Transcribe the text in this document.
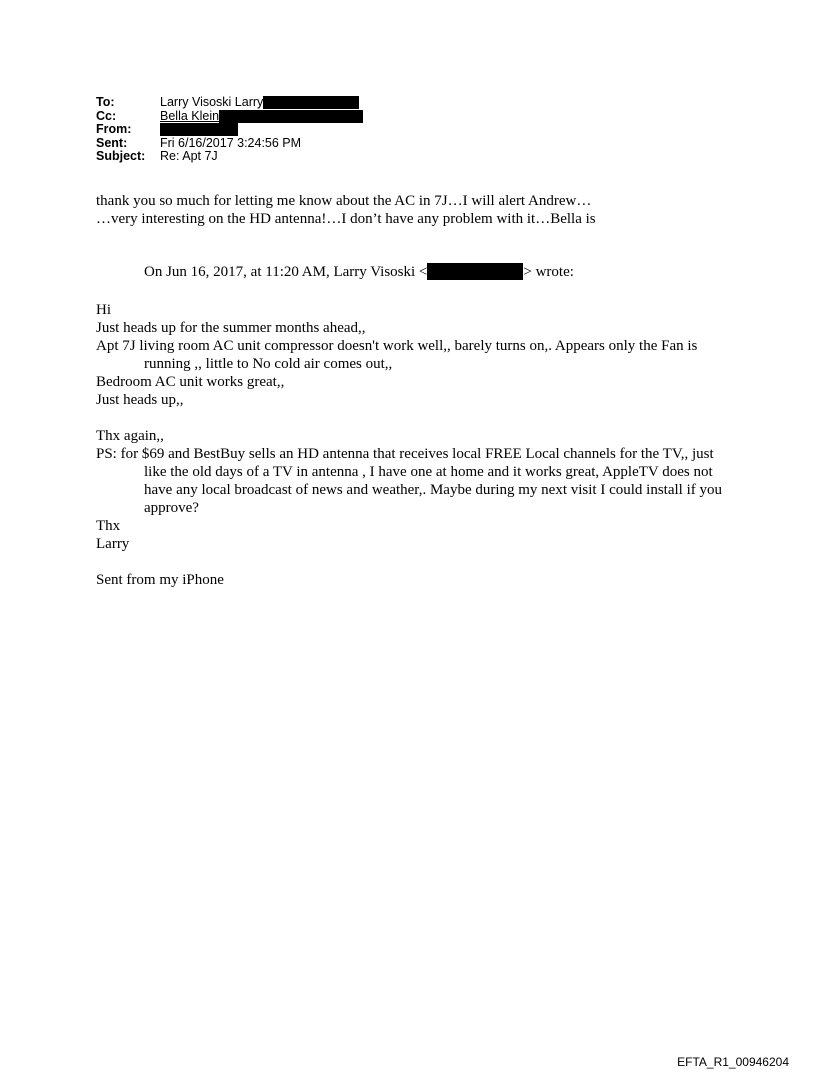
To:	Larry Visoski Larry
Cc:	Bella Klein
From:
Sent:	Fri 6/16/2017 3:24:56 PM
Subject:	Re: Apt 7J

thank you so much for letting me know about the AC in 7J…I will alert Andrew…

…very interesting on the HD antenna!…I don’t have any problem with it…Bella is

On Jun 16, 2017, at 11:20 AM, Larry Visoski <	> wrote:

Hi

Just heads up for the summer months ahead,,

Apt 7J living room AC unit compressor doesn't work well,, barely turns on,. Appears only the Fan is running ,, little to No cold air comes out,,

Bedroom AC unit works great,,

Just heads up,,

Thx again,,

PS: for $69 and BestBuy sells an HD antenna that receives local FREE Local channels for the TV,, just like the old days of a TV in antenna , I have one at home and it works great, AppleTV does not have any local broadcast of news and weather,. Maybe during my next visit I could install if you approve?

Thx

Larry

Sent from my iPhone

EFTA_R1_00946204
